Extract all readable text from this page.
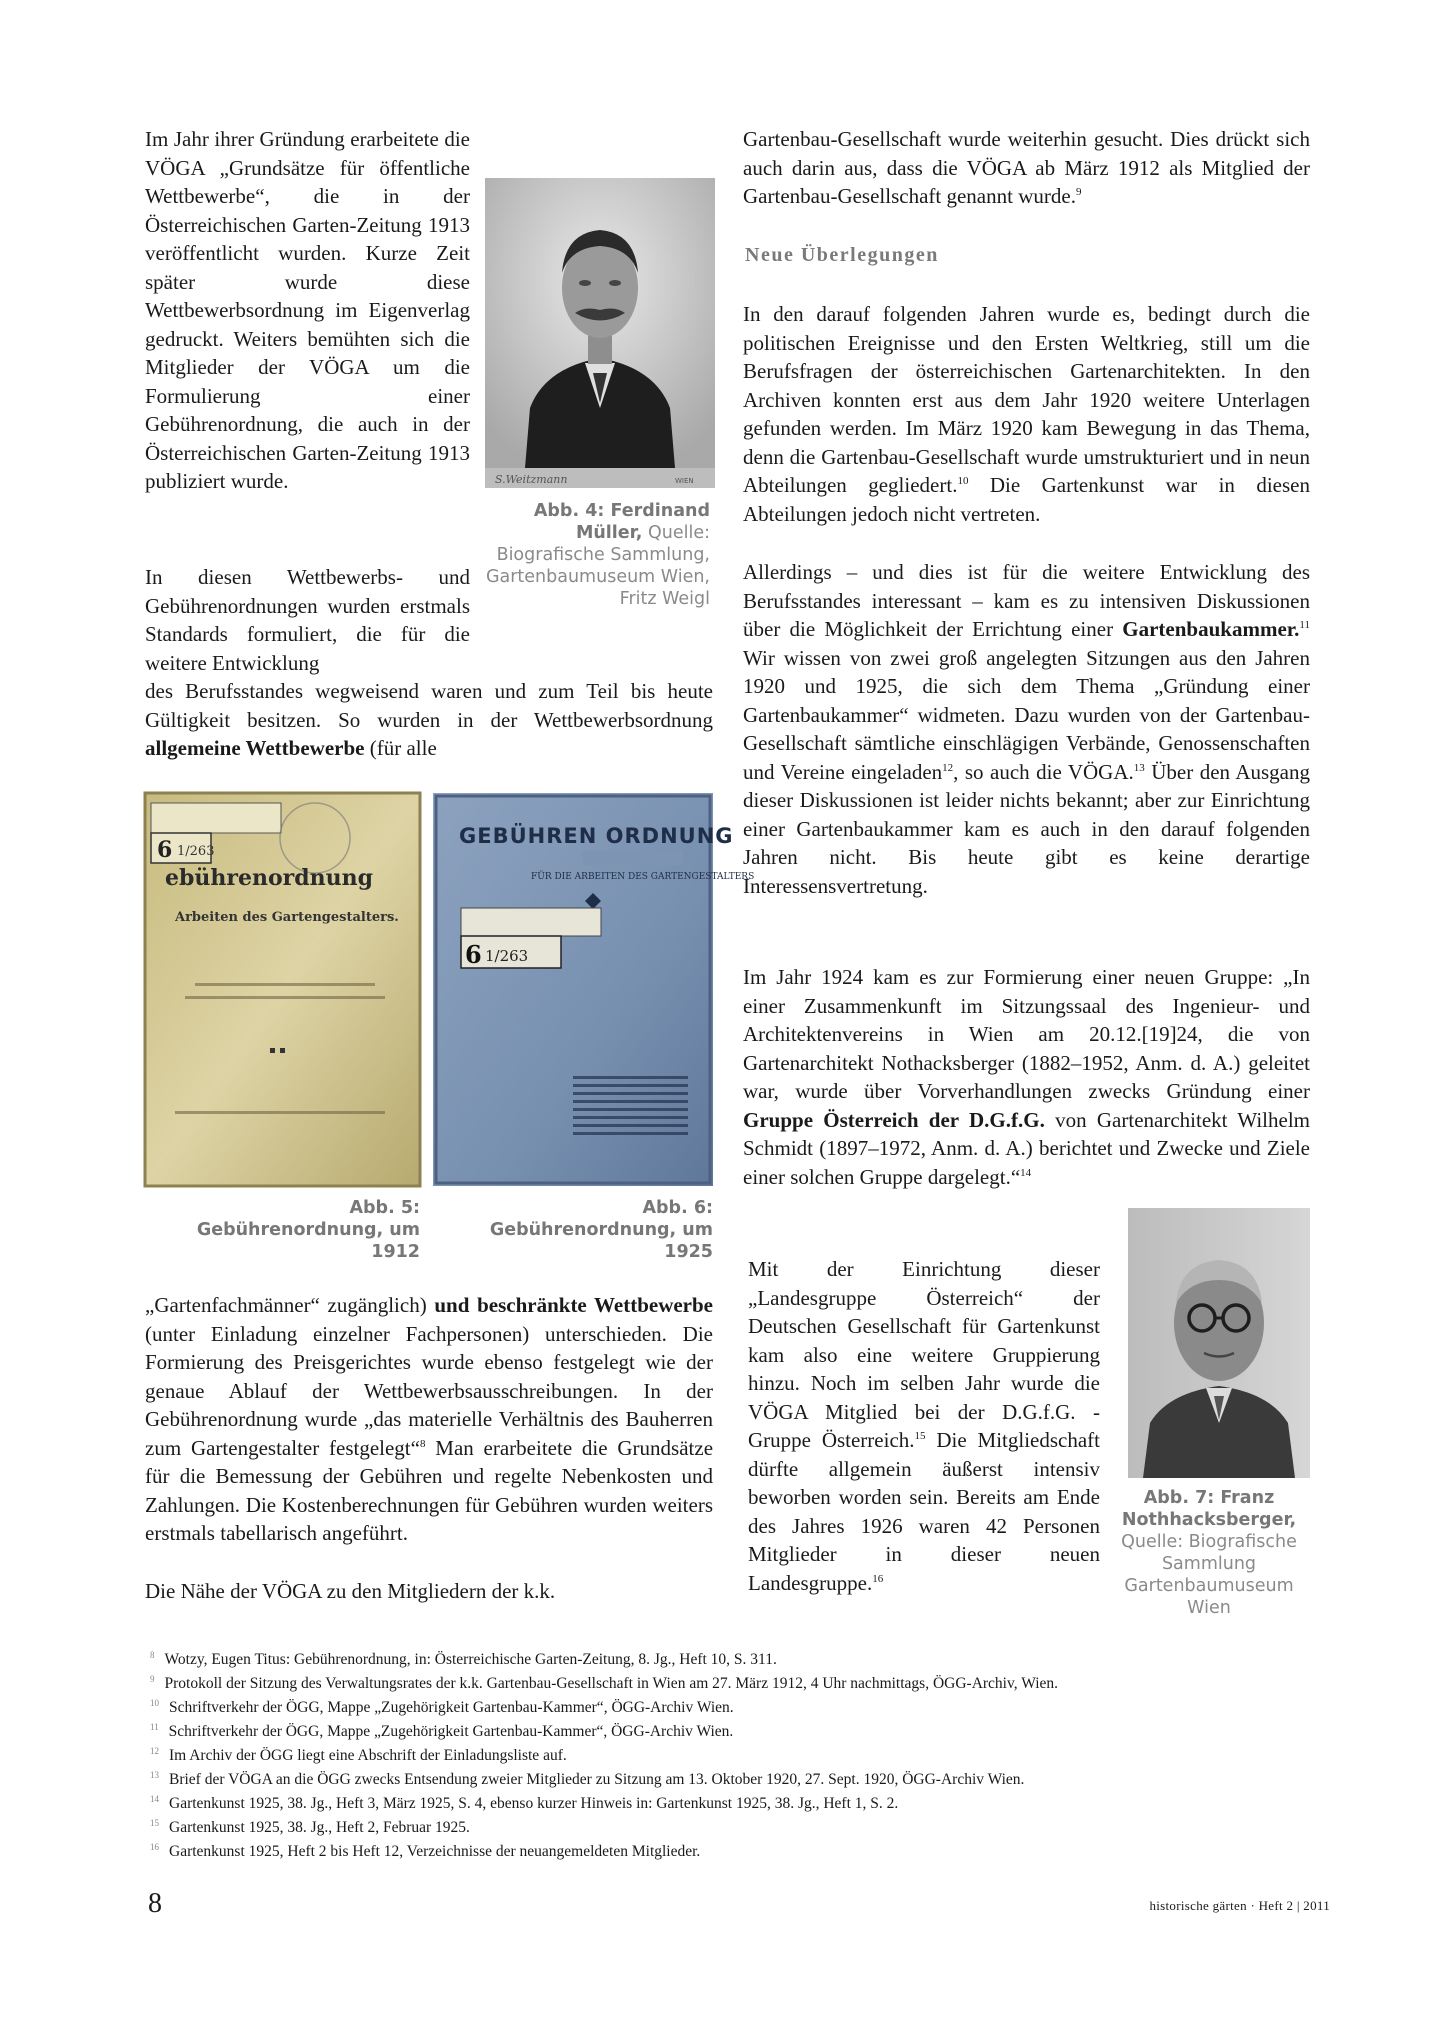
Im Jahr ihrer Gründung erarbeitete die VÖGA „Grundsätze für öffentliche Wettbewerbe“, die in der Österreichischen Garten-Zeitung 1913 veröffentlicht wurden. Kurze Zeit später wurde diese Wettbewerbsordnung im Eigenverlag gedruckt. Weiters bemühten sich die Mitglieder der VÖGA um die Formulierung einer Gebührenordnung, die auch in der Österreichischen Garten-Zeitung 1913 publiziert wurde.	S.Weitzmann	WIEN
Abb. 4: Ferdinand Müller, Quelle: Biografische Sammlung, Gartenbaumuseum Wien, Fritz Weigl

In diesen Wettbewerbs- und Gebührenordnungen wurden erstmals Standards formuliert, die für die weitere Entwicklung

des Berufsstandes wegweisend waren und zum Teil bis heute Gültigkeit besitzen. So wurden in der Wettbewerbsordnung allgemeine Wettbewerbe (für alle

6 1/263
ebührenordnung
Arbeiten des Gartengestalters.
GEBÜHREN ORDNUNG
FÜR DIE ARBEITEN DES GARTENGESTALTERS
6 1/263
Abb. 5: Gebührenordnung, um 1912
Abb. 6: Gebührenordnung, um 1925

„Gartenfachmänner“ zugänglich) und beschränkte Wettbewerbe (unter Einladung einzelner Fachpersonen) unterschieden. Die Formierung des Preisgerichtes wurde ebenso festgelegt wie der genaue Ablauf der Wettbewerbsausschreibungen. In der Gebührenordnung wurde „das materielle Verhältnis des Bauherren zum Gartengestalter festgelegt“$^8$ Man erarbeitete die Grundsätze für die Bemessung der Gebühren und regelte Nebenkosten und Zahlungen. Die Kostenberechnungen für Gebühren wurden weiters erstmals tabellarisch angeführt.

Die Nähe der VÖGA zu den Mitgliedern der k.k.

Gartenbau-Gesellschaft wurde weiterhin gesucht. Dies drückt sich auch darin aus, dass die VÖGA ab März 1912 als Mitglied der Gartenbau-Gesellschaft genannt wurde.$^9$

Neue Überlegungen

In den darauf folgenden Jahren wurde es, bedingt durch die politischen Ereignisse und den Ersten Weltkrieg, still um die Berufsfragen der österreichischen Gartenarchitekten. In den Archiven konnten erst aus dem Jahr 1920 weitere Unterlagen gefunden werden. Im März 1920 kam Bewegung in das Thema, denn die Gartenbau-Gesellschaft wurde umstrukturiert und in neun Abteilungen gegliedert.$^{10}$ Die Gartenkunst war in diesen Abteilungen jedoch nicht vertreten.

Allerdings – und dies ist für die weitere Entwicklung des Berufsstandes interessant – kam es zu intensiven Diskussionen über die Möglichkeit der Errichtung einer Gartenbaukammer.$^{11}$ Wir wissen von zwei groß angelegten Sitzungen aus den Jahren 1920 und 1925, die sich dem Thema „Gründung einer Gartenbaukammer“ widmeten. Dazu wurden von der Gartenbau-Gesellschaft sämtliche einschlägigen Verbände, Genossenschaften und Vereine eingeladen$^{12}$, so auch die VÖGA.$^{13}$ Über den Ausgang dieser Diskussionen ist leider nichts bekannt; aber zur Einrichtung einer Gartenbaukammer kam es auch in den darauf folgenden Jahren nicht. Bis heute gibt es keine derartige Interessensvertretung.

Im Jahr 1924 kam es zur Formierung einer neuen Gruppe: „In einer Zusammenkunft im Sitzungssaal des Ingenieur- und Architektenvereins in Wien am 20.12.[19]24, die von Gartenarchitekt Nothacksberger (1882–1952, Anm. d. A.) geleitet war, wurde über Vorverhandlungen zwecks Gründung einer Gruppe Österreich der D.G.f.G. von Gartenarchitekt Wilhelm Schmidt (1897–1972, Anm. d. A.) berichtet und Zwecke und Ziele einer solchen Gruppe dargelegt.“$^{14}$

Mit der Einrichtung dieser „Landesgruppe Österreich“ der Deutschen Gesellschaft für Gartenkunst kam also eine weitere Gruppierung hinzu. Noch im selben Jahr wurde die VÖGA Mitglied bei der D.G.f.G. - Gruppe Österreich.$^{15}$ Die Mitgliedschaft dürfte allgemein äußerst intensiv beworben worden sein. Bereits am Ende des Jahres 1926 waren 42 Personen Mitglieder in dieser neuen Landesgruppe.$^{16}$

Abb. 7: Franz Nothhacksberger, Quelle: Biografische Sammlung Gartenbaumuseum Wien
$^8$ Wotzy, Eugen Titus: Gebührenordnung, in: Österreichische Garten-Zeitung, 8. Jg., Heft 10, S. 311.
$^9$ Protokoll der Sitzung des Verwaltungsrates der k.k. Gartenbau-Gesellschaft in Wien am 27. März 1912, 4 Uhr nachmittags, ÖGG-Archiv, Wien.
$^{10}$ Schriftverkehr der ÖGG, Mappe „Zugehörigkeit Gartenbau-Kammer“, ÖGG-Archiv Wien.
$^{11}$ Schriftverkehr der ÖGG, Mappe „Zugehörigkeit Gartenbau-Kammer“, ÖGG-Archiv Wien.
$^{12}$ Im Archiv der ÖGG liegt eine Abschrift der Einladungsliste auf.
$^{13}$ Brief der VÖGA an die ÖGG zwecks Entsendung zweier Mitglieder zu Sitzung am 13. Oktober 1920, 27. Sept. 1920, ÖGG-Archiv Wien.
$^{14}$ Gartenkunst 1925, 38. Jg., Heft 3, März 1925, S. 4, ebenso kurzer Hinweis in: Gartenkunst 1925, 38. Jg., Heft 1, S. 2.
$^{15}$ Gartenkunst 1925, 38. Jg., Heft 2, Februar 1925.
$^{16}$ Gartenkunst 1925, Heft 2 bis Heft 12, Verzeichnisse der neuangemeldeten Mitglieder.
8	historische gärten · Heft 2 | 2011
